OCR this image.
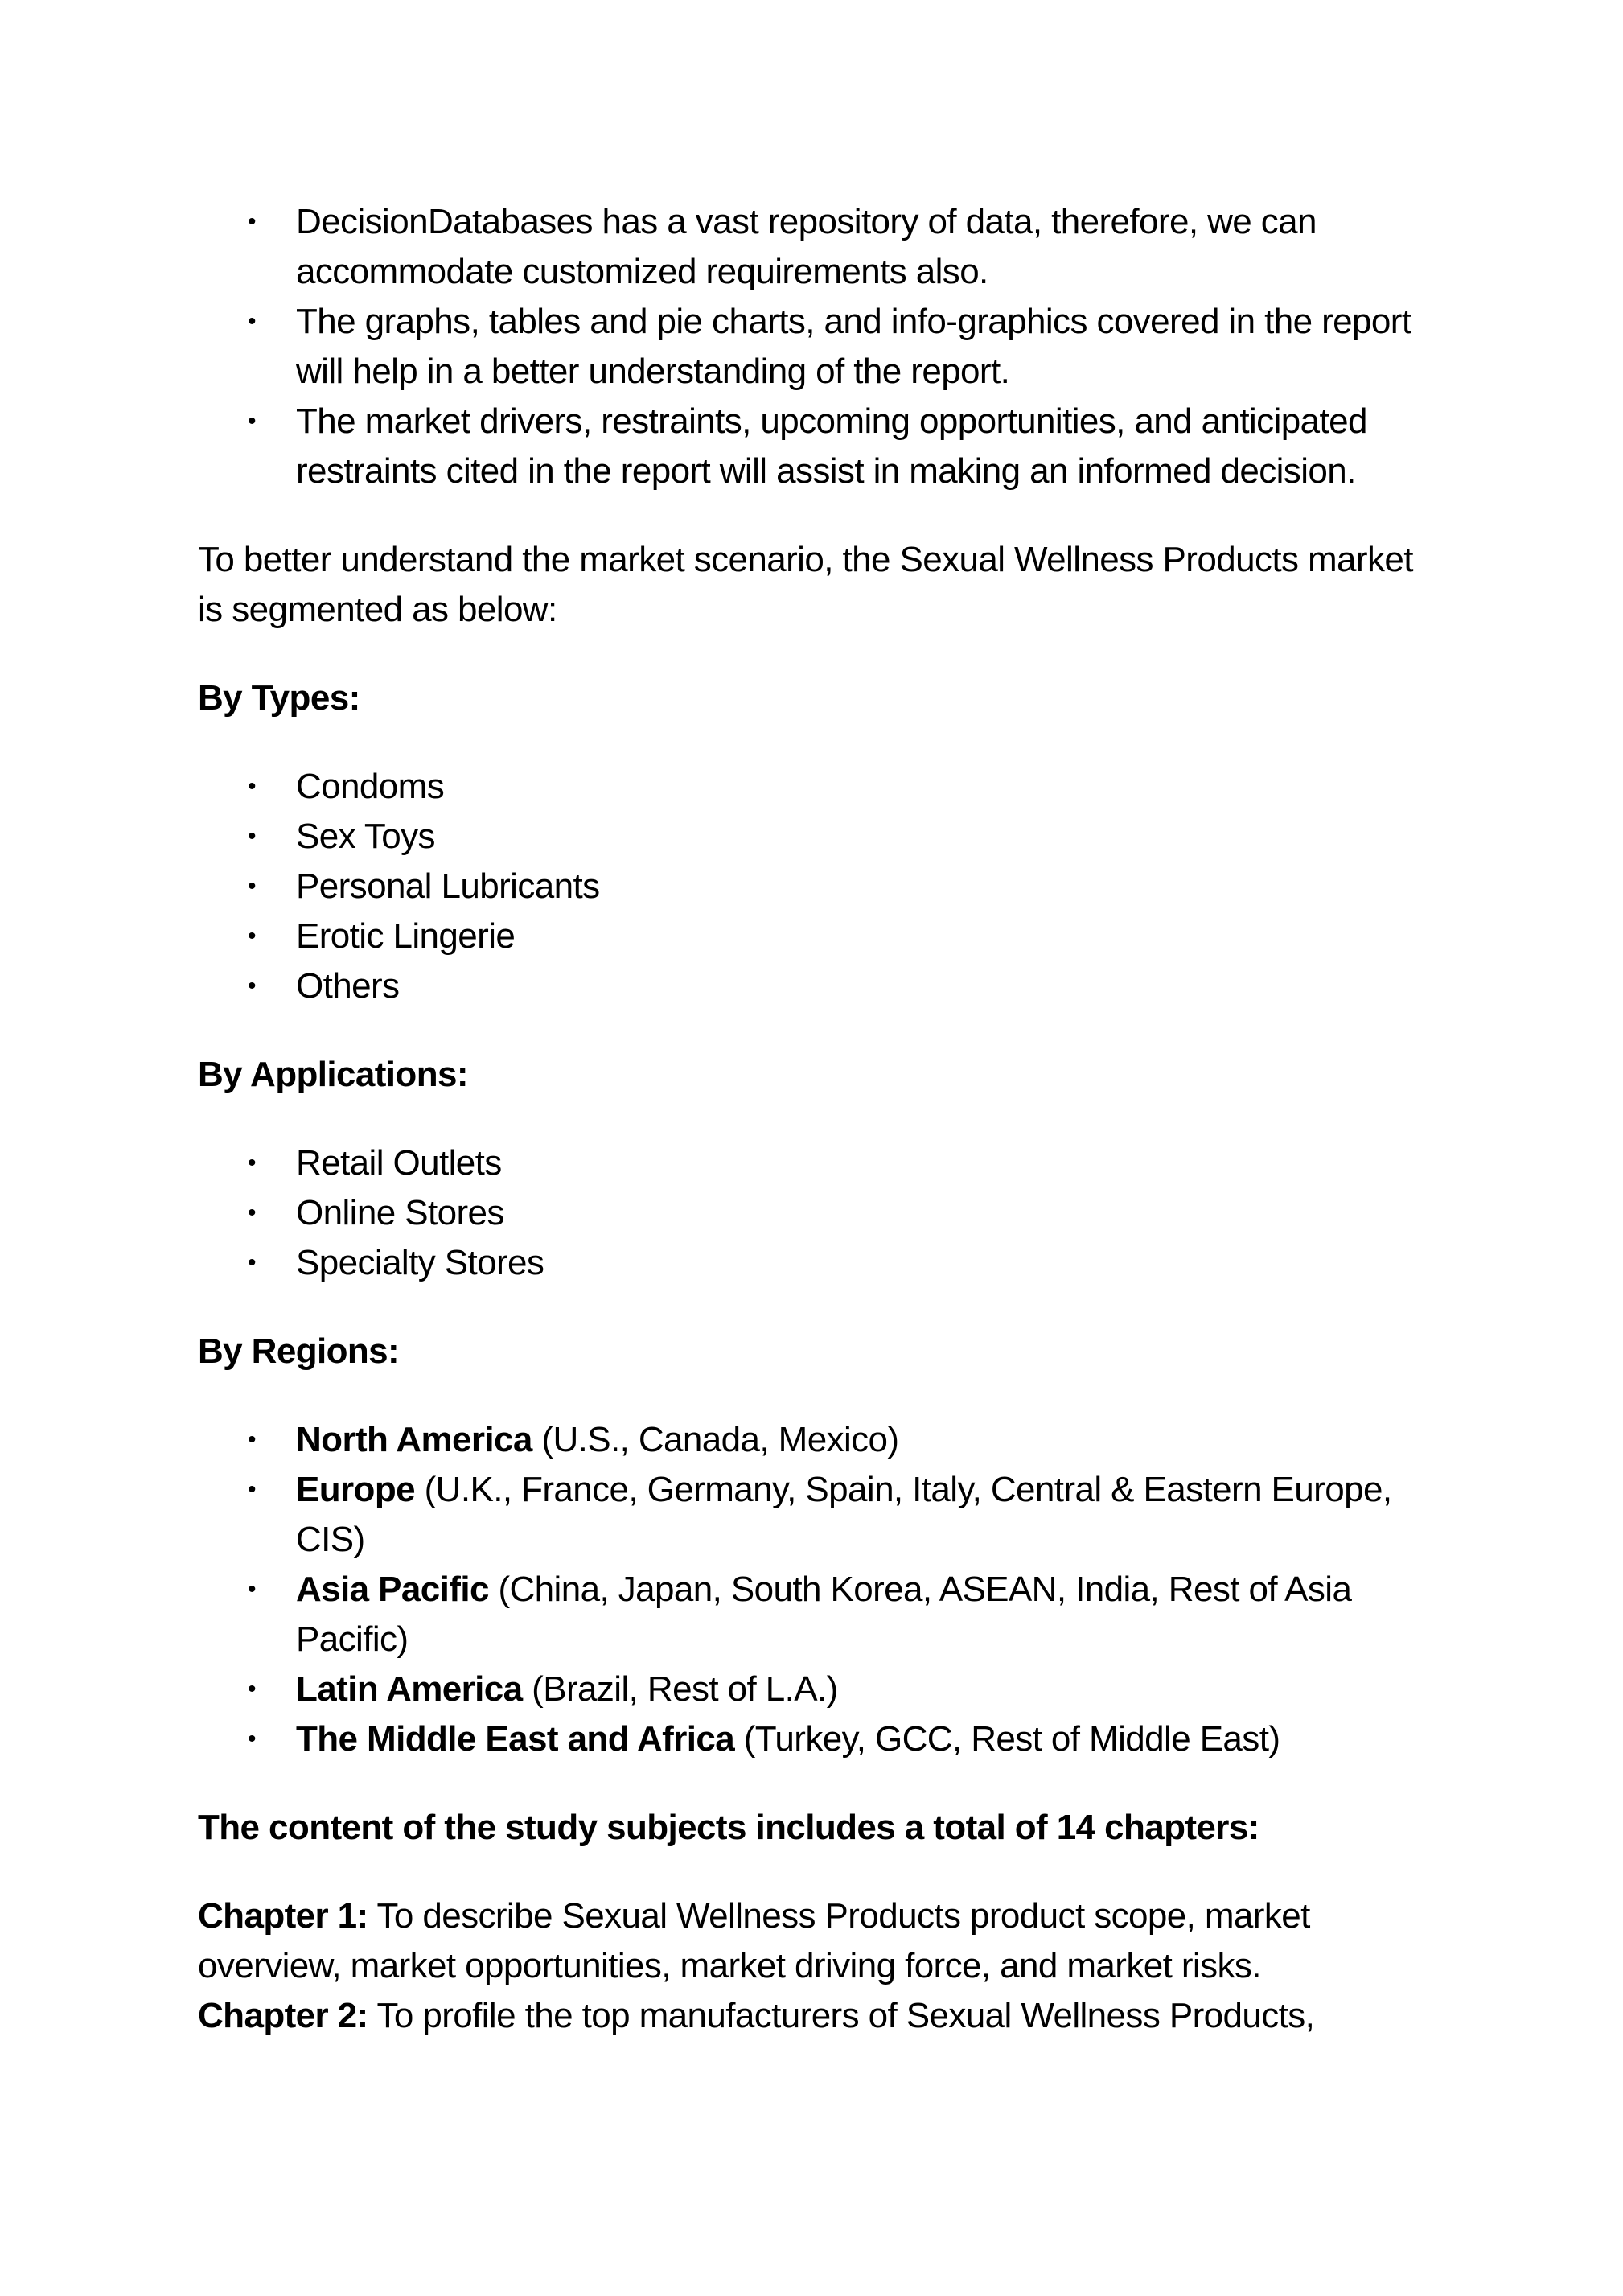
• DecisionDatabases has a vast repository of data, therefore, we can accommodate customized requirements also.
• The graphs, tables and pie charts, and info-graphics covered in the report will help in a better understanding of the report.
• The market drivers, restraints, upcoming opportunities, and anticipated restraints cited in the report will assist in making an informed decision.

To better understand the market scenario, the Sexual Wellness Products market is segmented as below:

By Types:

• Condoms
• Sex Toys
• Personal Lubricants
• Erotic Lingerie
• Others

By Applications:

• Retail Outlets
• Online Stores
• Specialty Stores

By Regions:

• North America (U.S., Canada, Mexico)
• Europe (U.K., France, Germany, Spain, Italy, Central & Eastern Europe, CIS)
• Asia Pacific (China, Japan, South Korea, ASEAN, India, Rest of Asia Pacific)
• Latin America (Brazil, Rest of L.A.)
• The Middle East and Africa (Turkey, GCC, Rest of Middle East)

The content of the study subjects includes a total of 14 chapters:

Chapter 1: To describe Sexual Wellness Products product scope, market overview, market opportunities, market driving force, and market risks.

Chapter 2: To profile the top manufacturers of Sexual Wellness Products,
